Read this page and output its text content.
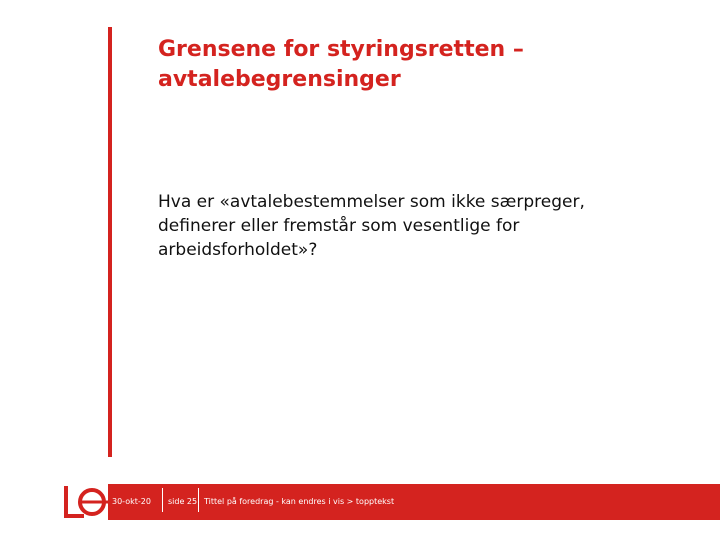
Grensene for styringsretten –
avtalebegrensinger
Hva er «avtalebestemmelser som ikke særpreger,
definerer eller fremstår som vesentlige for
arbeidsforholdet»?
30-okt-20 side 25 Tittel på foredrag - kan endres i vis > topptekst
